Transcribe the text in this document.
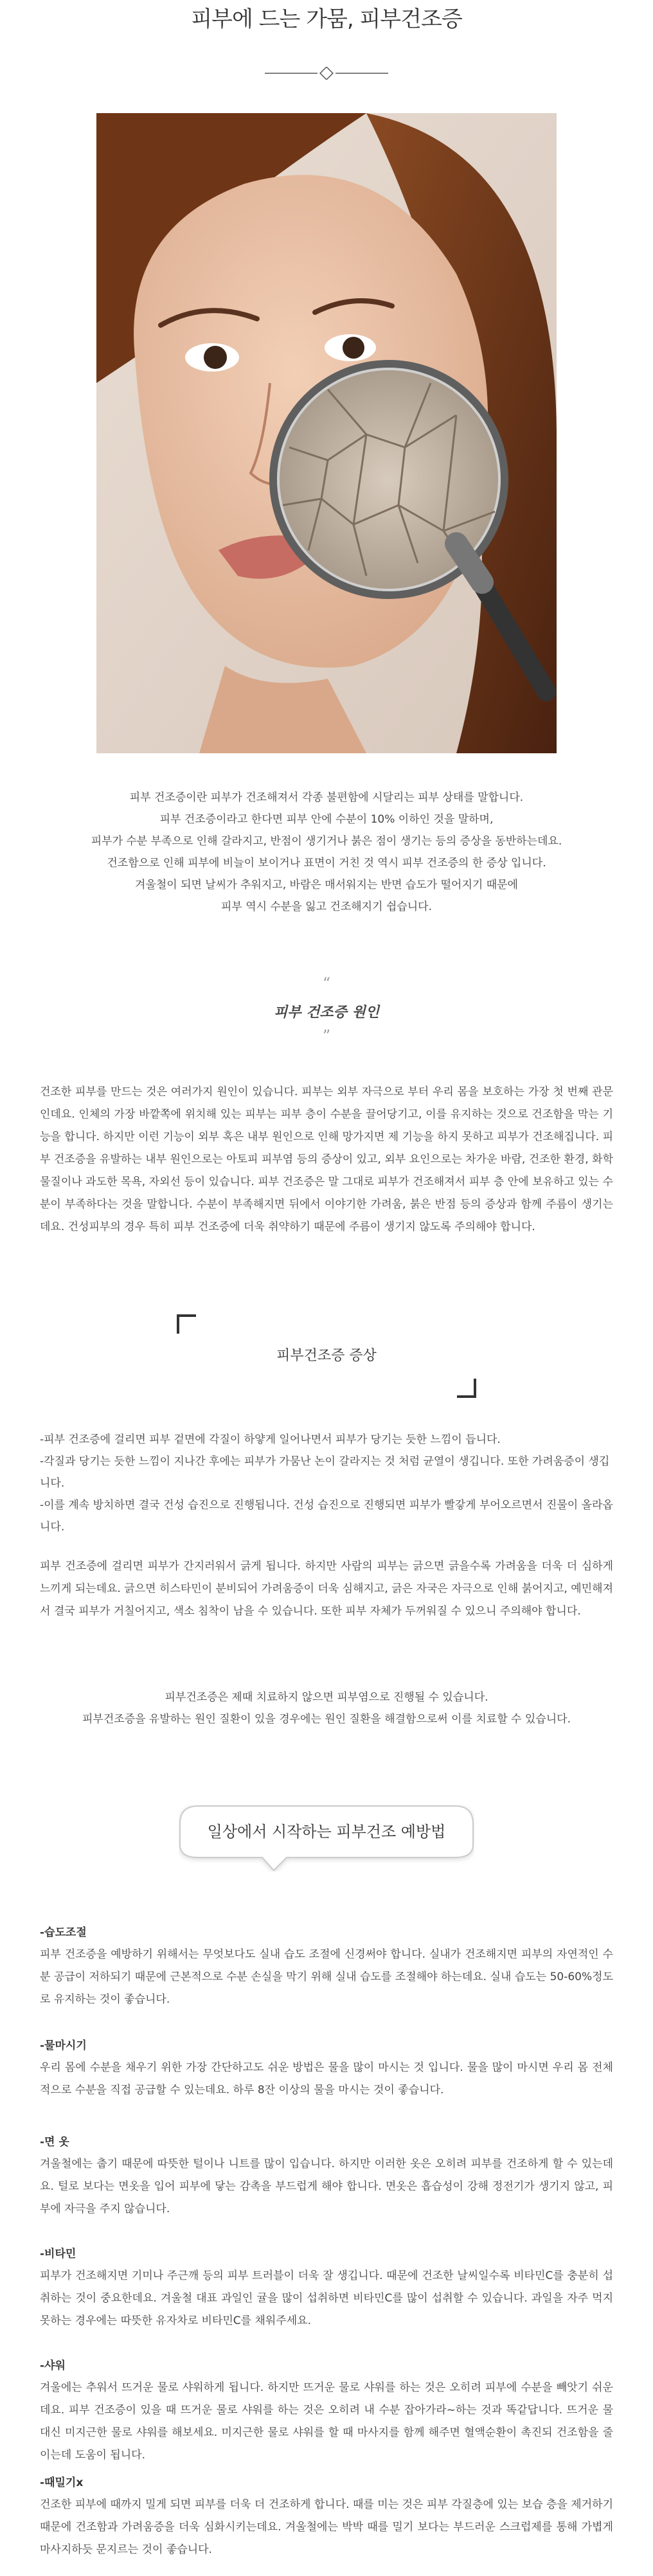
피부에 드는 가뭄, 피부건조증

피부 건조증이란 피부가 건조해져서 각종 불편함에 시달리는 피부 상태를 말합니다.

피부 건조증이라고 한다면 피부 안에 수분이 10% 이하인 것을 말하며,

피부가 수분 부족으로 인해 갈라지고, 반점이 생기거나 붉은 점이 생기는 등의 증상을 동반하는데요.

건조함으로 인해 피부에 비늘이 보이거나 표면이 거친 것 역시 피부 건조증의 한 증상 입니다.

겨울철이 되면 날씨가 추워지고, 바람은 매서워지는 반면 습도가 떨어지기 때문에

피부 역시 수분을 잃고 건조해지기 쉽습니다.

“
피부 건조증 원인
”

건조한 피부를 만드는 것은 여러가지 원인이 있습니다. 피부는 외부 자극으로 부터 우리 몸을 보호하는 가장 첫 번째 관문 인데요. 인체의 가장 바깥쪽에 위치해 있는 피부는 피부 층이 수분을 끌어당기고, 이를 유지하는 것으로 건조함을 막는 기능을 합니다. 하지만 이런 기능이 외부 혹은 내부 원인으로 인해 망가지면 제 기능을 하지 못하고 피부가 건조해집니다. 피부 건조증을 유발하는 내부 원인으로는 아토피 피부염 등의 증상이 있고, 외부 요인으로는 차가운 바람, 건조한 환경, 화학물질이나 과도한 목욕, 자외선 등이 있습니다. 피부 건조증은 말 그대로 피부가 건조해져서 피부 층 안에 보유하고 있는 수분이 부족하다는 것을 말합니다. 수분이 부족해지면 뒤에서 이야기한 가려움, 붉은 반점 등의 증상과 함께 주름이 생기는데요. 건성피부의 경우 특히 피부 건조증에 더욱 취약하기 때문에 주름이 생기지 않도록 주의해야 합니다.

피부건조증 증상

-피부 건조증에 걸리면 피부 겉면에 각질이 하얗게 일어나면서 피부가 당기는 듯한 느낌이 듭니다.

-각질과 당기는 듯한 느낌이 지나간 후에는 피부가 가뭄난 논이 갈라지는 것 처럼 균열이 생깁니다. 또한 가려움증이 생깁니다.

-이를 계속 방치하면 결국 건성 습진으로 진행됩니다. 건성 습진으로 진행되면 피부가 빨갛게 부어오르면서 진물이 올라옵니다.

피부 건조증에 걸리면 피부가 간지러워서 긁게 됩니다. 하지만 사람의 피부는 긁으면 긁을수록 가려움을 더욱 더 심하게 느끼게 되는데요. 긁으면 히스타민이 분비되어 가려움증이 더욱 심해지고, 긁은 자국은 자극으로 인해 붉어지고, 예민해져서 결국 피부가 거칠어지고, 색소 침착이 남을 수 있습니다. 또한 피부 자체가 두꺼워질 수 있으니 주의해야 합니다.

피부건조증은 제때 치료하지 않으면 피부염으로 진행될 수 있습니다.

피부건조증을 유발하는 원인 질환이 있을 경우에는 원인 질환을 해결함으로써 이를 치료할 수 있습니다.

일상에서 시작하는 피부건조 예방법

-습도조절

피부 건조증을 예방하기 위해서는 무엇보다도 실내 습도 조절에 신경써야 합니다. 실내가 건조해지면 피부의 자연적인 수분 공급이 저하되기 때문에 근본적으로 수분 손실을 막기 위해 실내 습도를 조절해야 하는데요. 실내 습도는 50-60%정도로 유지하는 것이 좋습니다.

-물마시기

우리 몸에 수분을 채우기 위한 가장 간단하고도 쉬운 방법은 물을 많이 마시는 것 입니다. 물을 많이 마시면 우리 몸 전체적으로 수분을 직접 공급할 수 있는데요. 하루 8잔 이상의 물을 마시는 것이 좋습니다.

-면 옷

겨울철에는 춥기 때문에 따뜻한 털이나 니트를 많이 입습니다. 하지만 이러한 옷은 오히려 피부를 건조하게 할 수 있는데요. 털로 보다는 면옷을 입어 피부에 닿는 감촉을 부드럽게 해야 합니다. 면옷은 흡습성이 강해 정전기가 생기지 않고, 피부에 자극을 주지 않습니다.

-비타민

피부가 건조해지면 기미나 주근깨 등의 피부 트러블이 더욱 잘 생깁니다. 때문에 건조한 날씨일수록 비타민C를 충분히 섭취하는 것이 중요한데요. 겨울철 대표 과일인 귤을 많이 섭취하면 비타민C를 많이 섭취할 수 있습니다. 과일을 자주 먹지 못하는 경우에는 따뜻한 유자차로 비타민C를 채워주세요.

-샤워

겨울에는 추워서 뜨거운 물로 샤워하게 됩니다. 하지만 뜨거운 물로 샤워를 하는 것은 오히려 피부에 수분을 빼앗기 쉬운데요. 피부 건조증이 있을 때 뜨거운 물로 샤워를 하는 것은 오히려 내 수분 잡아가라~하는 것과 똑같답니다. 뜨거운 물 대신 미지근한 물로 샤워를 해보세요. 미지근한 물로 샤워를 할 때 마사지를 함께 해주면 혈액순환이 촉진되 건조함을 줄이는데 도움이 됩니다.

-때밀기x

건조한 피부에 때까지 밀게 되면 피부를 더욱 더 건조하게 합니다. 때를 미는 것은 피부 각질층에 있는 보습 층을 제거하기 때문에 건조함과 가려움증을 더욱 심화시키는데요. 겨울철에는 박박 때를 밀기 보다는 부드러운 스크럽제를 통해 가볍게 마사지하듯 문지르는 것이 좋습니다.
